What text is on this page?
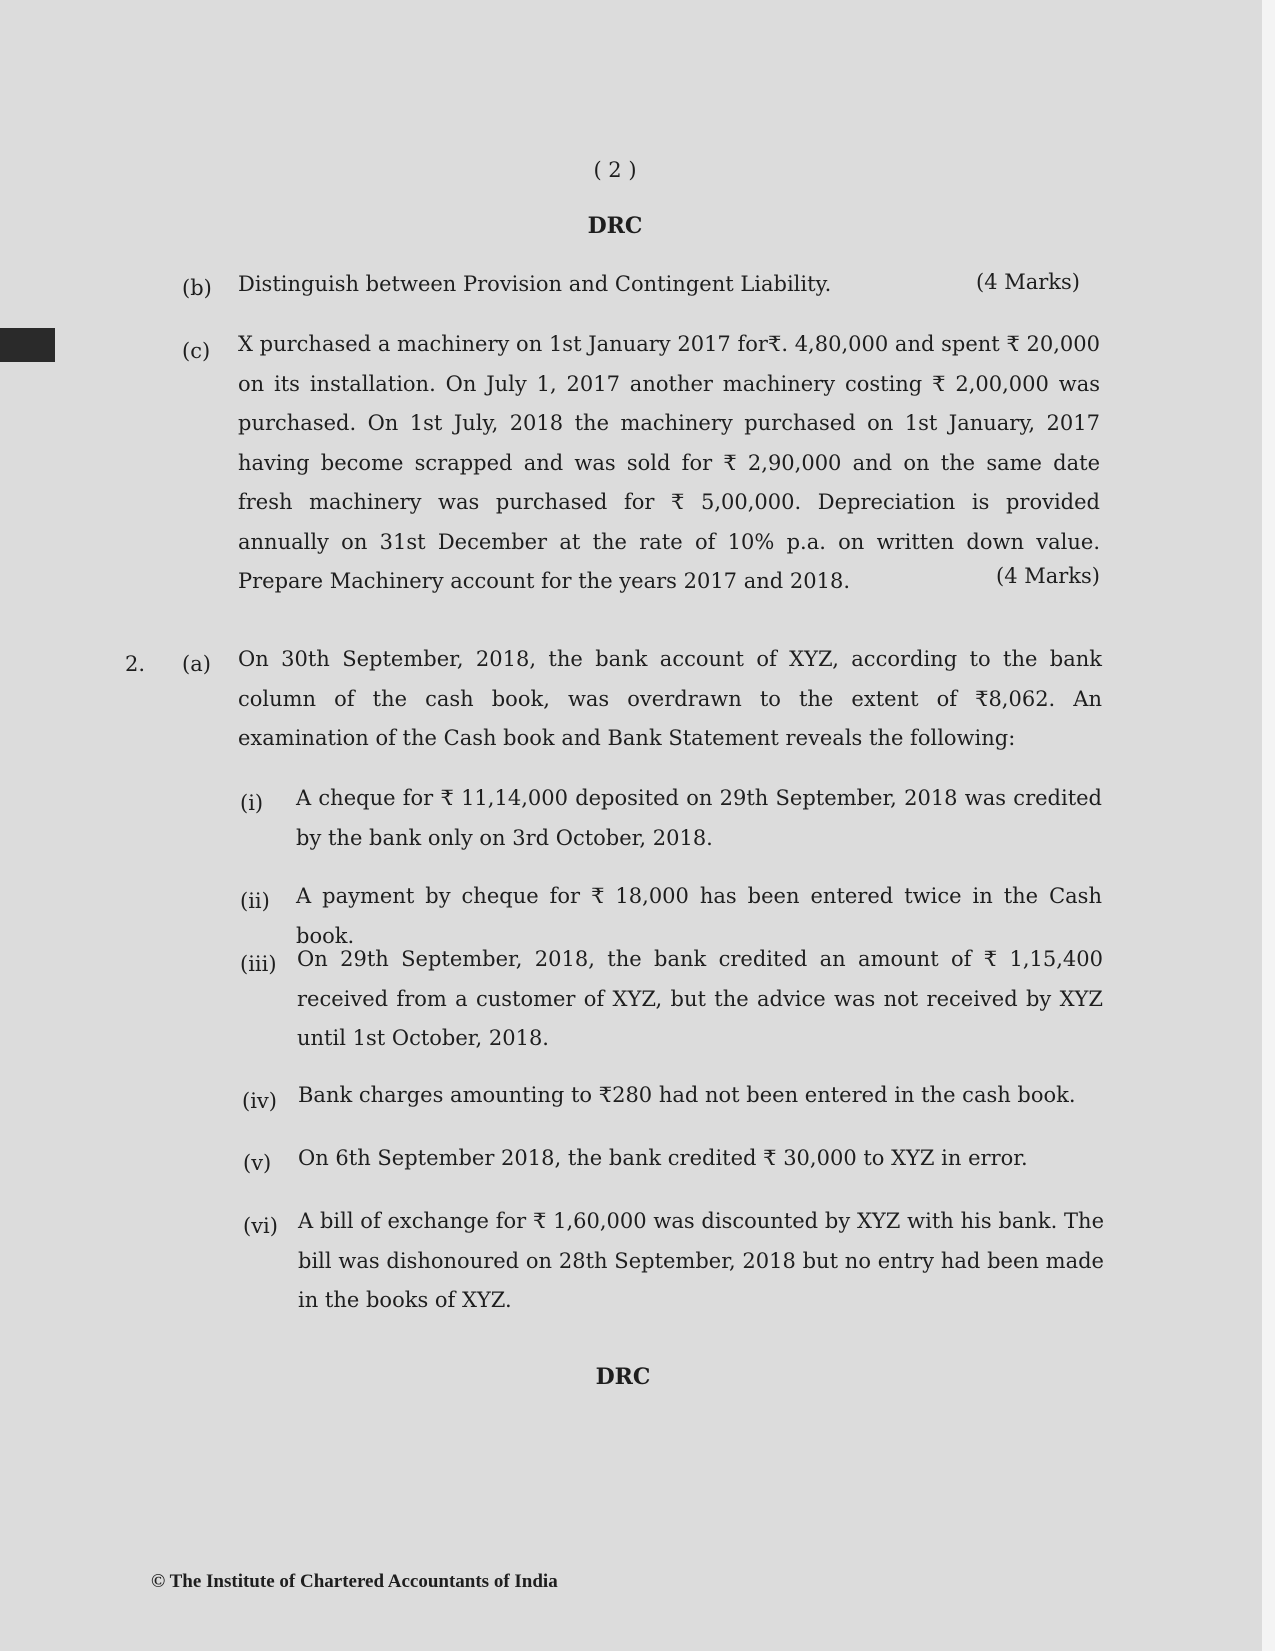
( 2 )
DRC
(b) Distinguish between Provision and Contingent Liability.	(4 Marks)
(c) X purchased a machinery on 1st January 2017 for₹. 4,80,000 and spent ₹ 20,000 on its installation. On July 1, 2017 another machinery costing ₹ 2,00,000 was purchased. On 1st July, 2018 the machinery purchased on 1st January, 2017 having become scrapped and was sold for ₹ 2,90,000 and on the same date fresh machinery was purchased for ₹ 5,00,000. Depreciation is provided annually on 31st December at the rate of 10% p.a. on written down value. Prepare Machinery account for the years 2017 and 2018.	(4 Marks)
2. (a) On 30th September, 2018, the bank account of XYZ, according to the bank column of the cash book, was overdrawn to the extent of ₹8,062. An examination of the Cash book and Bank Statement reveals the following:
(i) A cheque for ₹ 11,14,000 deposited on 29th September, 2018 was credited by the bank only on 3rd October, 2018.
(ii) A payment by cheque for ₹ 18,000 has been entered twice in the Cash book.
(iii) On 29th September, 2018, the bank credited an amount of ₹ 1,15,400 received from a customer of XYZ, but the advice was not received by XYZ until 1st October, 2018.
(iv) Bank charges amounting to ₹280 had not been entered in the cash book.
(v) On 6th September 2018, the bank credited ₹ 30,000 to XYZ in error.
(vi) A bill of exchange for ₹ 1,60,000 was discounted by XYZ with his bank. The bill was dishonoured on 28th September, 2018 but no entry had been made in the books of XYZ.
DRC
© The Institute of Chartered Accountants of India
